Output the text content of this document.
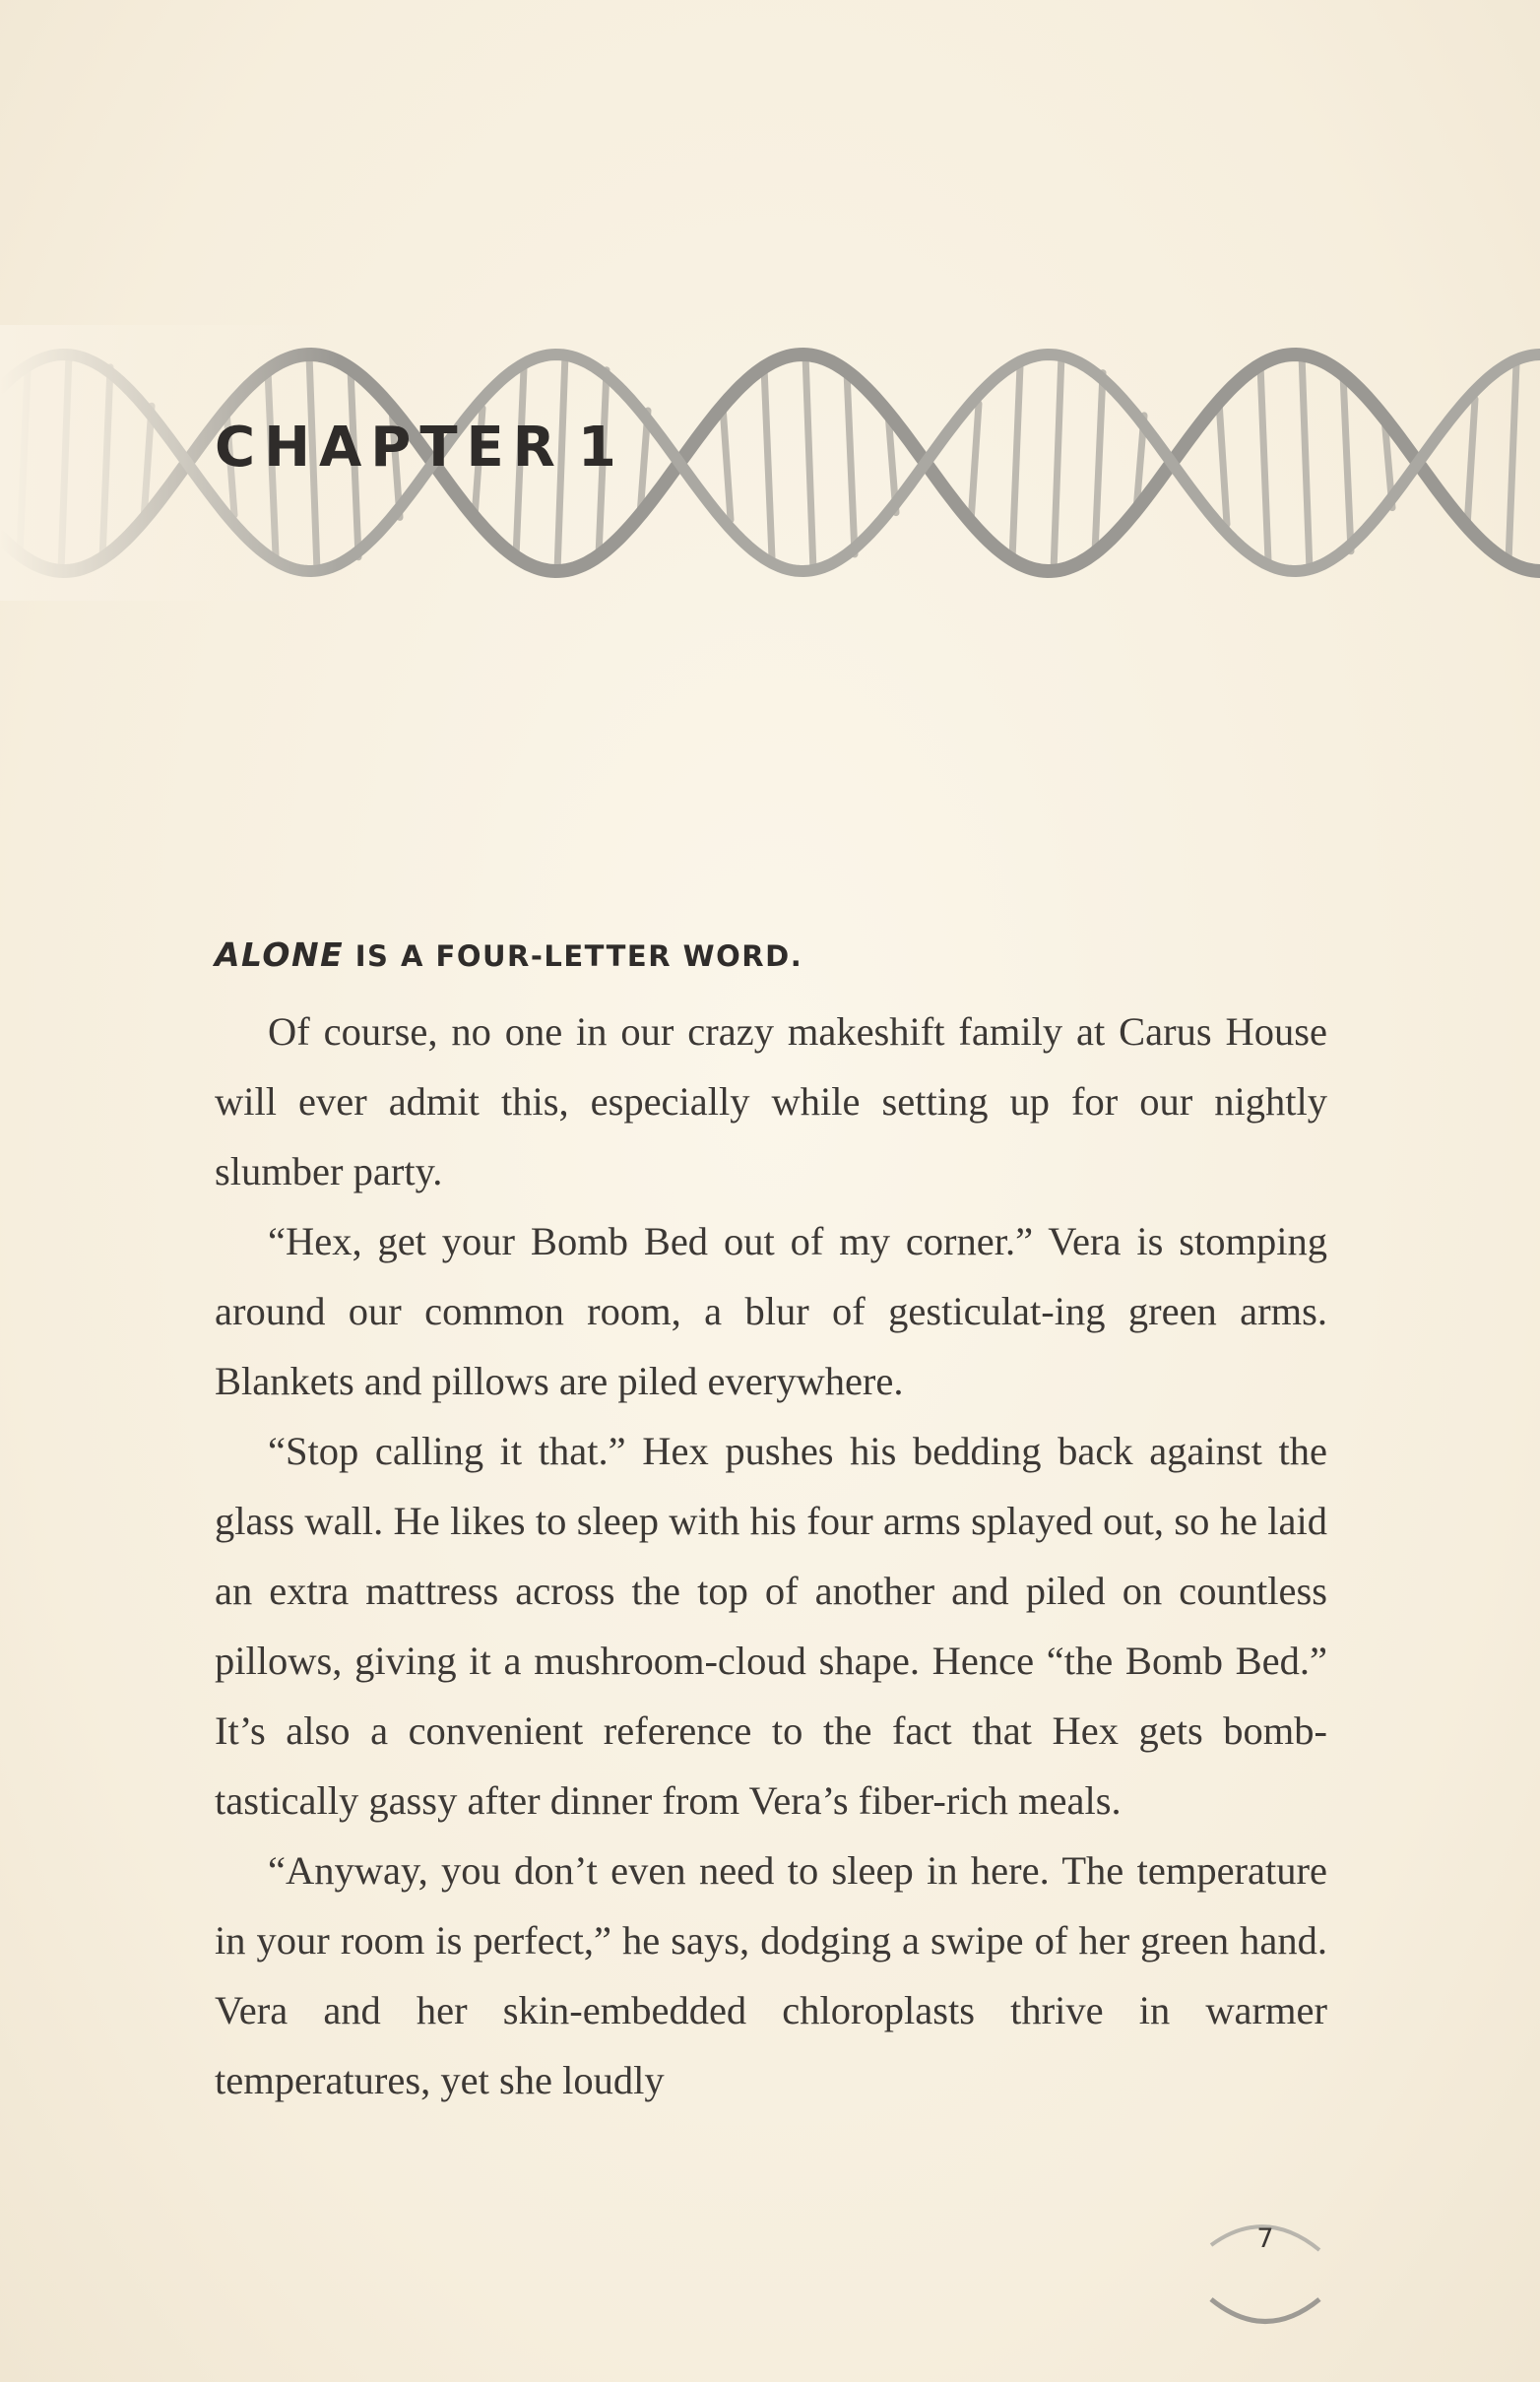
CHAPTER 1

ALONE IS A FOUR-LETTER WORD.

Of course, no one in our crazy makeshift family at Carus House will ever admit this, especially while setting up for our nightly slumber party.

“Hex, get your Bomb Bed out of my corner.” Vera is stomping around our common room, a blur of gesticulat-ing green arms. Blankets and pillows are piled everywhere.

“Stop calling it that.” Hex pushes his bedding back against the glass wall. He likes to sleep with his four arms splayed out, so he laid an extra mattress across the top of another and piled on countless pillows, giving it a mushroom-cloud shape. Hence “the Bomb Bed.” It’s also a convenient reference to the fact that Hex gets bomb-tastically gassy after dinner from Vera’s fiber-rich meals.

“Anyway, you don’t even need to sleep in here. The temperature in your room is perfect,” he says, dodging a swipe of her green hand. Vera and her skin-embedded chloroplasts thrive in warmer temperatures, yet she loudly

7
